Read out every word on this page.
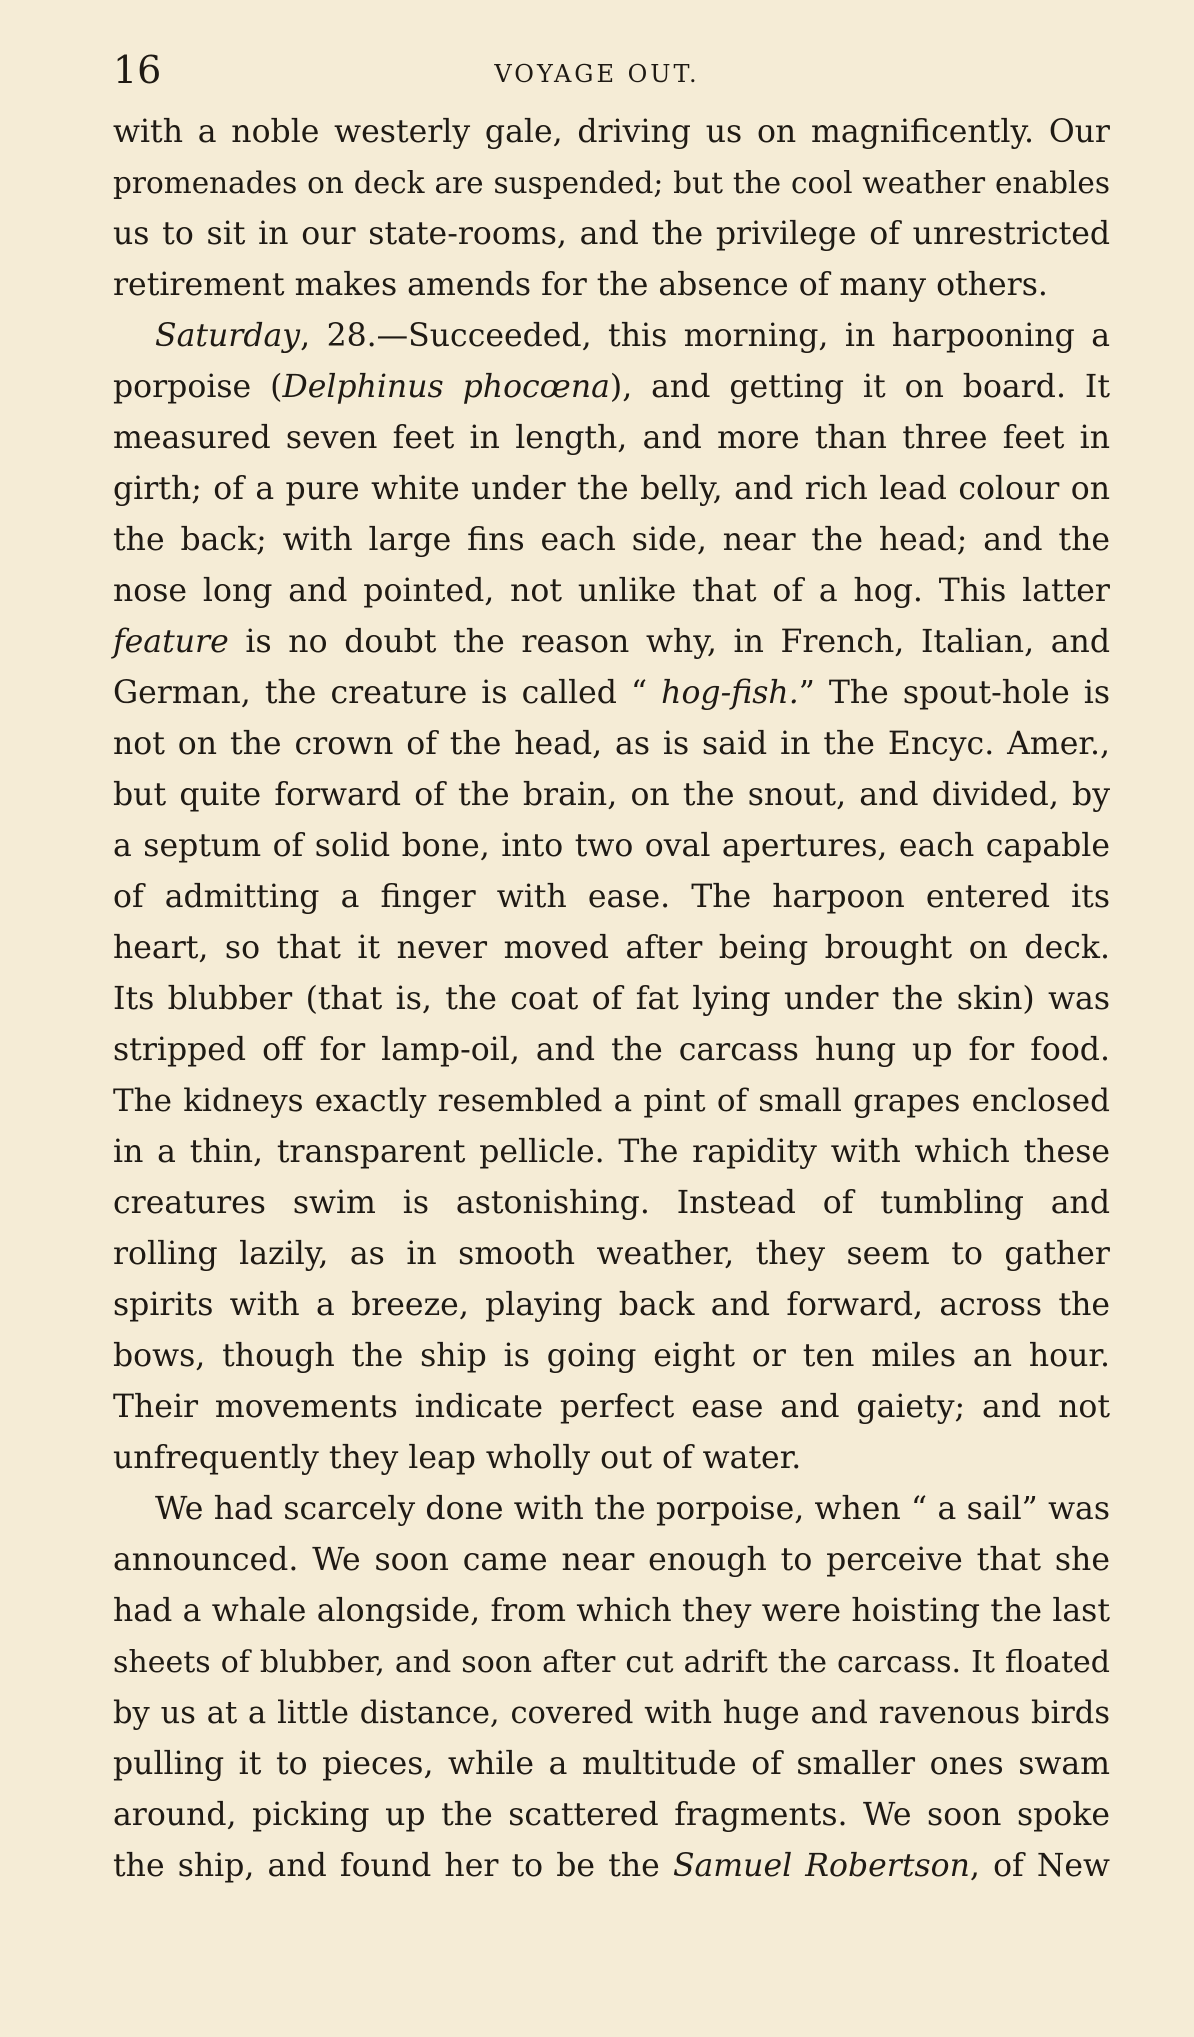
16	VOYAGE OUT.

with a noble westerly gale, driving us on magnificently. Our
promenades on deck are suspended; but the cool weather enables
us to sit in our state-rooms, and the privilege of unrestricted
retirement makes amends for the absence of many others.

Saturday, 28.—Succeeded, this morning, in harpooning a
porpoise (Delphinus phocœna), and getting it on board. It
measured seven feet in length, and more than three feet in
girth; of a pure white under the belly, and rich lead colour on
the back; with large fins each side, near the head; and the
nose long and pointed, not unlike that of a hog. This latter
feature is no doubt the reason why, in French, Italian, and
German, the creature is called “ hog-fish.” The spout-hole is
not on the crown of the head, as is said in the Encyc. Amer.,
but quite forward of the brain, on the snout, and divided, by
a septum of solid bone, into two oval apertures, each capable
of admitting a finger with ease. The harpoon entered its
heart, so that it never moved after being brought on deck.
Its blubber (that is, the coat of fat lying under the skin) was
stripped off for lamp-oil, and the carcass hung up for food.
The kidneys exactly resembled a pint of small grapes enclosed
in a thin, transparent pellicle. The rapidity with which these
creatures swim is astonishing. Instead of tumbling and
rolling lazily, as in smooth weather, they seem to gather
spirits with a breeze, playing back and forward, across the
bows, though the ship is going eight or ten miles an hour.
Their movements indicate perfect ease and gaiety; and not
unfrequently they leap wholly out of water.

We had scarcely done with the porpoise, when “ a sail” was
announced. We soon came near enough to perceive that she
had a whale alongside, from which they were hoisting the last
sheets of blubber, and soon after cut adrift the carcass. It floated
by us at a little distance, covered with huge and ravenous birds
pulling it to pieces, while a multitude of smaller ones swam
around, picking up the scattered fragments. We soon spoke
the ship, and found her to be the Samuel Robertson, of New
